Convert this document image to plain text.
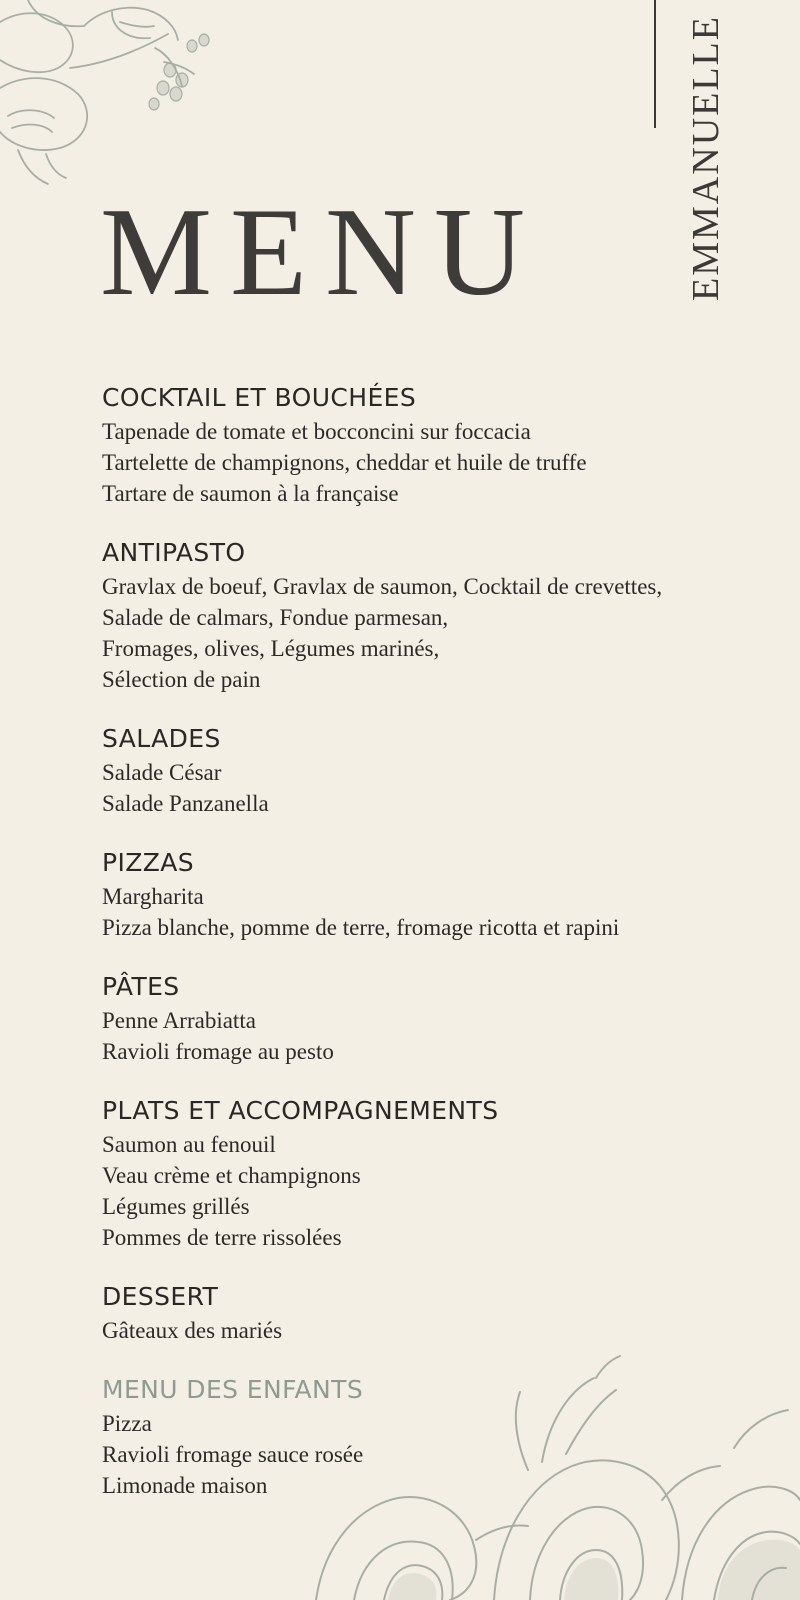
EMMANUELLE
MENU
COCKTAIL ET BOUCHÉES

Tapenade de tomate et bocconcini sur foccacia

Tartelette de champignons, cheddar et huile de truffe

Tartare de saumon à la française

ANTIPASTO

Gravlax de boeuf, Gravlax de saumon, Cocktail de crevettes,

Salade de calmars, Fondue parmesan,

Fromages, olives, Légumes marinés,

Sélection de pain

SALADES

Salade César

Salade Panzanella

PIZZAS

Margharita

Pizza blanche, pomme de terre, fromage ricotta et rapini

PÂTES

Penne Arrabiatta

Ravioli fromage au pesto

PLATS ET ACCOMPAGNEMENTS

Saumon au fenouil

Veau crème et champignons

Légumes grillés

Pommes de terre rissolées

DESSERT

Gâteaux des mariés

MENU DES ENFANTS

Pizza

Ravioli fromage sauce rosée

Limonade maison
